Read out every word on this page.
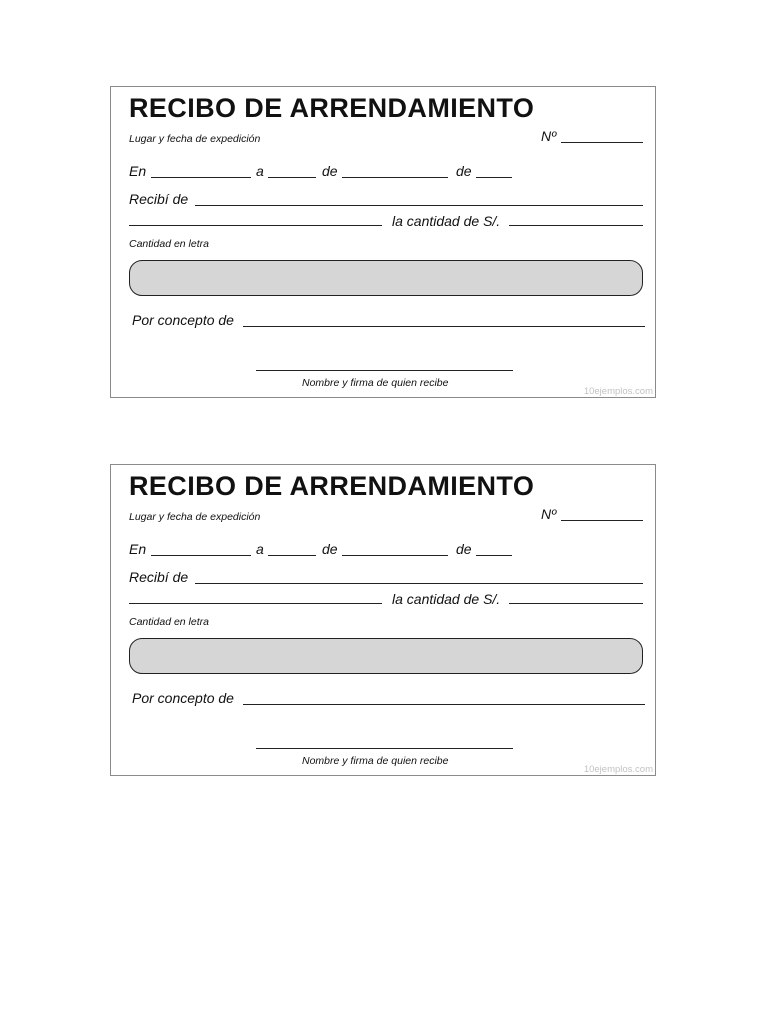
RECIBO DE ARRENDAMIENTO
Lugar y fecha de expedición	Nº
En	a	de	de
Recibí de
la cantidad de S/.
Cantidad en letra
Por concepto de
Nombre y firma de quien recibe
10ejemplos.com
RECIBO DE ARRENDAMIENTO
Lugar y fecha de expedición	Nº
En	a	de	de
Recibí de
la cantidad de S/.
Cantidad en letra
Por concepto de
Nombre y firma de quien recibe
10ejemplos.com
